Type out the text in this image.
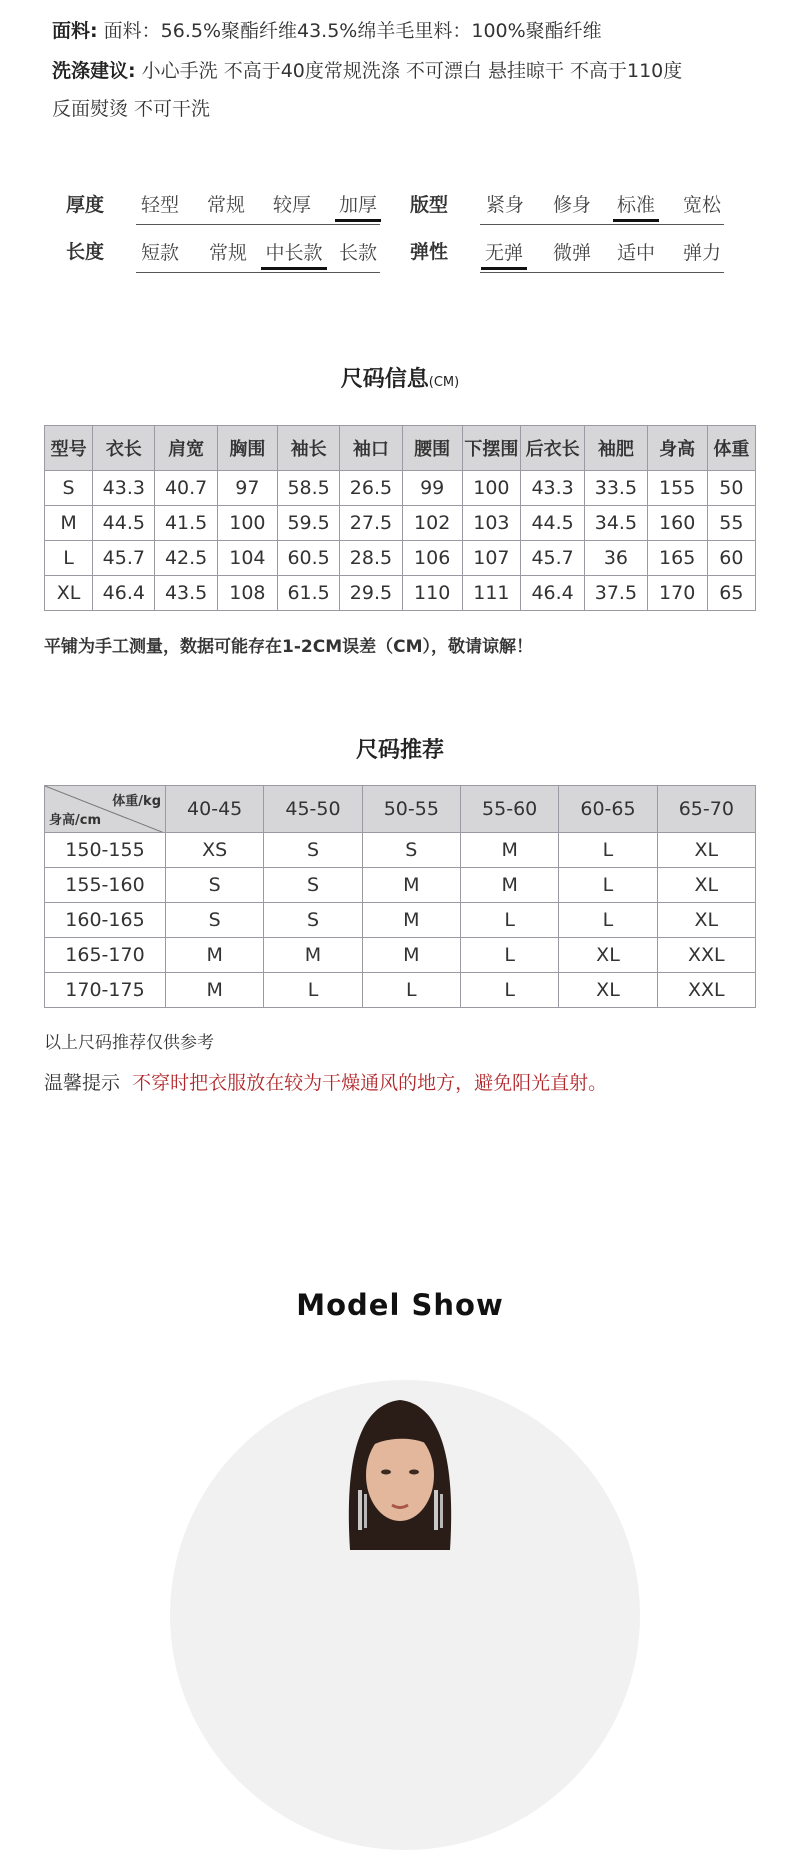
面料: 面料：56.5%聚酯纤维43.5%绵羊毛里料：100%聚酯纤维
洗涤建议: 小心手洗 不高于40度常规洗涤 不可漂白 悬挂晾干 不高于110度
反面熨烫 不可干洗
厚度 轻型 常规 较厚 加厚 版型 紧身 修身 标准 宽松
长度 短款 常规 中长款 长款 弹性 无弹 微弹 适中 弹力
尺码信息(CM)
型号	衣长	肩宽	胸围	袖长	袖口	腰围	下摆围	后衣长	袖肥	身高	体重
S	43.3	40.7	97	58.5	26.5	99	100	43.3	33.5	155	50
M	44.5	41.5	100	59.5	27.5	102	103	44.5	34.5	160	55
L	45.7	42.5	104	60.5	28.5	106	107	45.7	36	165	60
XL	46.4	43.5	108	61.5	29.5	110	111	46.4	37.5	170	65
平铺为手工测量，数据可能存在1-2CM误差（CM），敬请谅解！
尺码推荐
体重/kg
身高/cm	40-45	45-50	50-55	55-60	60-65	65-70
150-155	XS	S	S	M	L	XL
155-160	S	S	M	M	L	XL
160-165	S	S	M	L	L	XL
165-170	M	M	M	L	XL	XXL
170-175	M	L	L	L	XL	XXL
以上尺码推荐仅供参考
温馨提示 不穿时把衣服放在较为干燥通风的地方，避免阳光直射。
Model Show
